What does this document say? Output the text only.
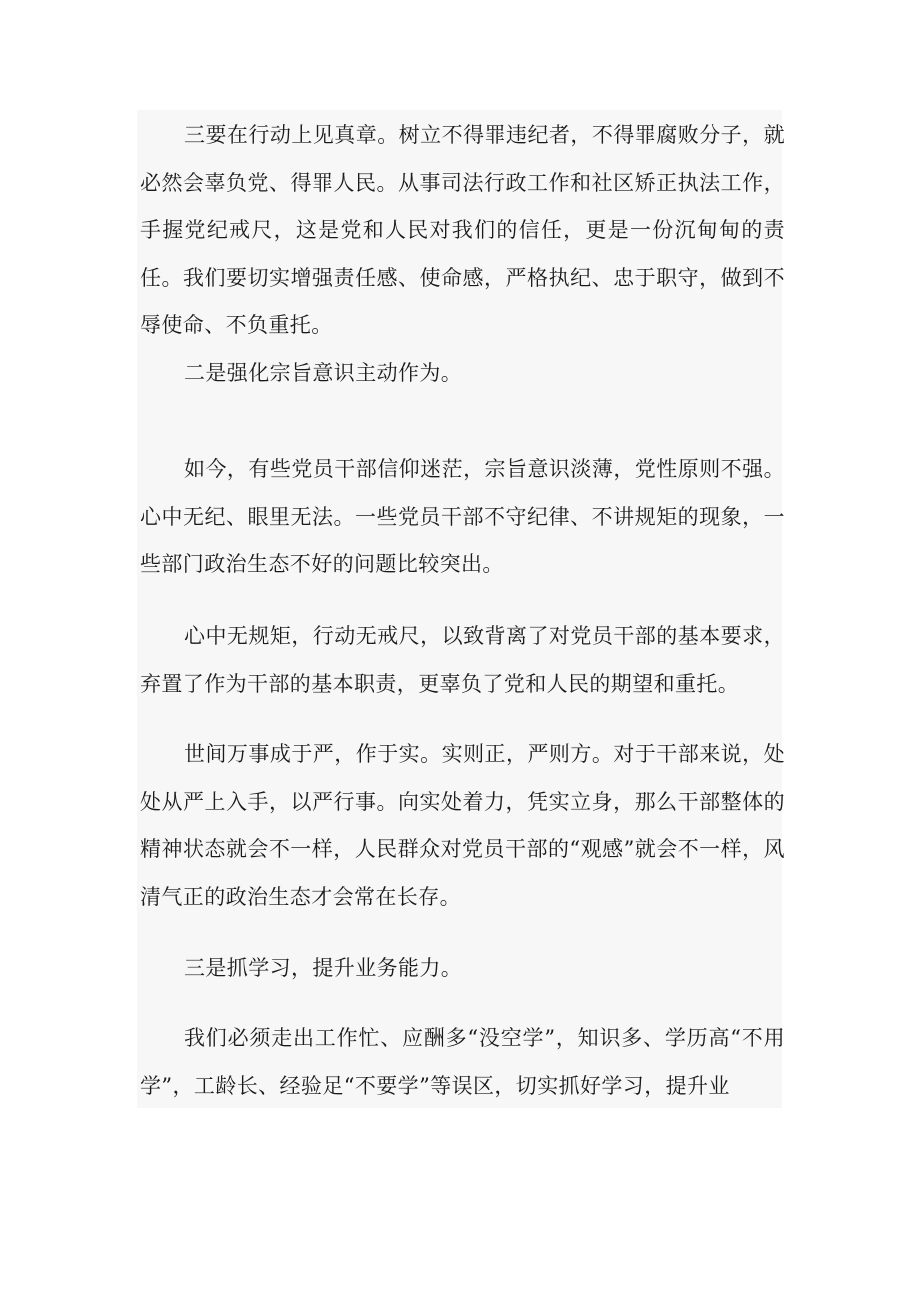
三要在行动上见真章。树立不得罪违纪者，不得罪腐败分子，就必然会辜负党、得罪人民。从事司法行政工作和社区矫正执法工作，手握党纪戒尺，这是党和人民对我们的信任，更是一份沉甸甸的责任。我们要切实增强责任感、使命感，严格执纪、忠于职守，做到不辱使命、不负重托。

二是强化宗旨意识主动作为。

如今，有些党员干部信仰迷茫，宗旨意识淡薄，党性原则不强。心中无纪、眼里无法。一些党员干部不守纪律、不讲规矩的现象，一些部门政治生态不好的问题比较突出。

心中无规矩，行动无戒尺，以致背离了对党员干部的基本要求，弃置了作为干部的基本职责，更辜负了党和人民的期望和重托。

世间万事成于严，作于实。实则正，严则方。对于干部来说，处处从严上入手，以严行事。向实处着力，凭实立身，那么干部整体的精神状态就会不一样，人民群众对党员干部的“观感”就会不一样，风清气正的政治生态才会常在长存。

三是抓学习，提升业务能力。

我们必须走出工作忙、应酬多“没空学”，知识多、学历高“不用学”，工龄长、经验足“不要学”等误区，切实抓好学习，提升业
